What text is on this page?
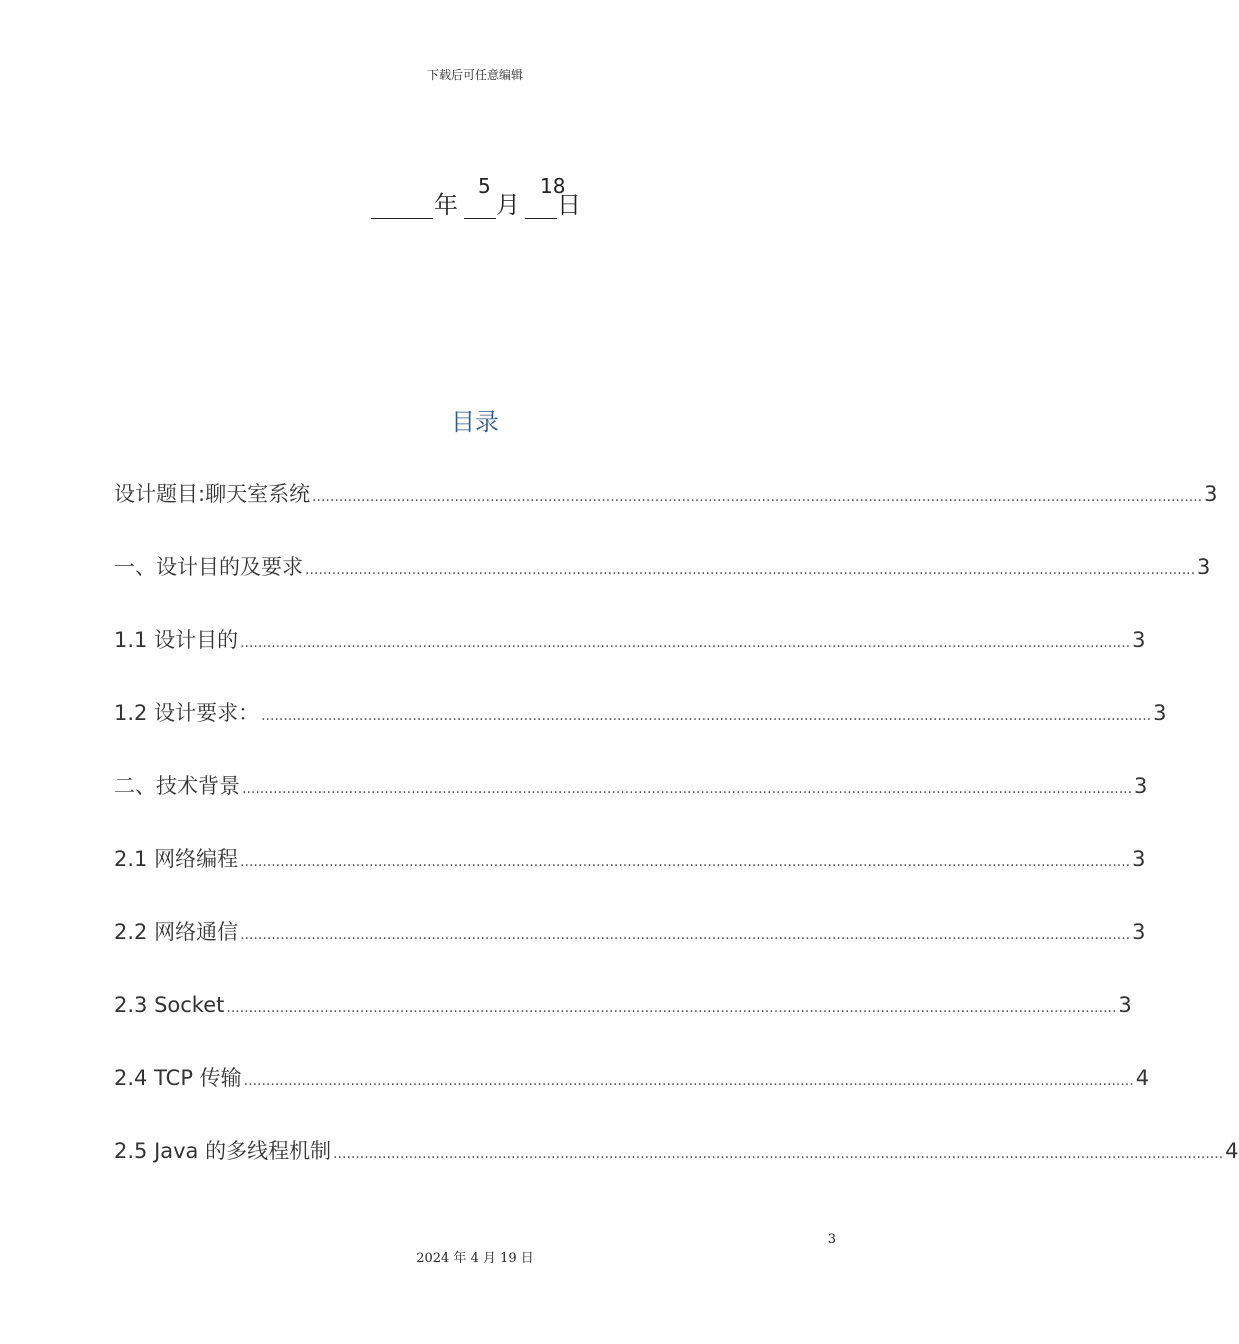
下载后可任意编辑
年
5
月
18
日
目录
设计题目:聊天室系统 ........................................................................................................................................................................................................ 3
一、设计目的及要求 ........................................................................................................................................................................................................ 3
1.1 设计目的 ........................................................................................................................................................................................................ 3
1.2 设计要求： ........................................................................................................................................................................................................ 3
二、技术背景 ........................................................................................................................................................................................................ 3
2.1 网络编程 ........................................................................................................................................................................................................ 3
2.2 网络通信 ........................................................................................................................................................................................................ 3
2.3 Socket ........................................................................................................................................................................................................ 3
2.4 TCP 传输 ........................................................................................................................................................................................................ 4
2.5 Java 的多线程机制 ........................................................................................................................................................................................................ 4
3
2024 年 4 月 19 日
